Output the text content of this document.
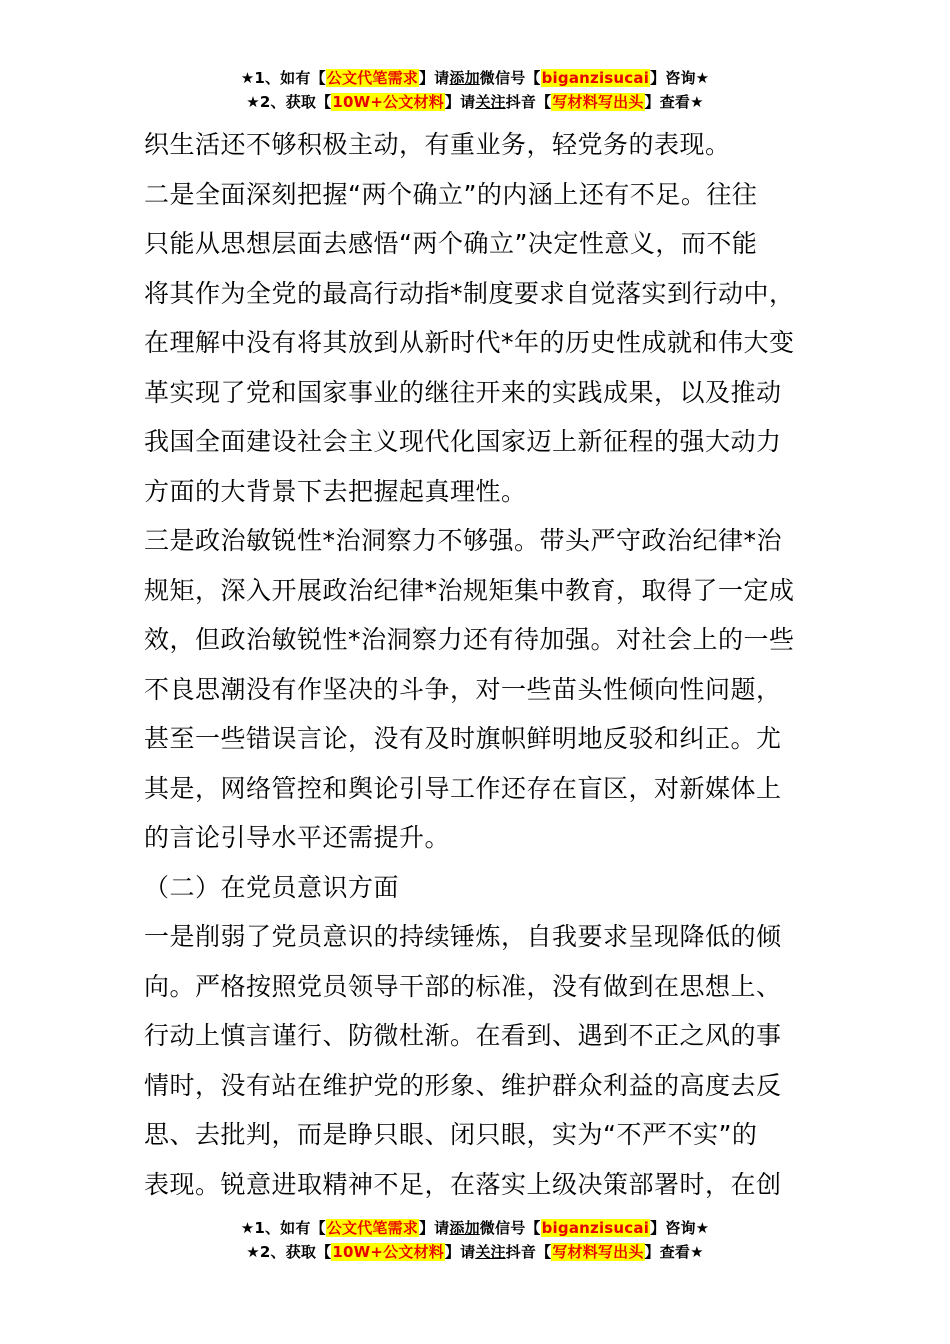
★1、如有【公文代笔需求】请添加微信号【biganzisucai】咨询★
★2、获取【10W+公文材料】请关注抖音【写材料写出头】查看★
织生活还不够积极主动，有重业务，轻党务的表现。
二是全面深刻把握“两个确立”的内涵上还有不足。往往
只能从思想层面去感悟“两个确立”决定性意义，而不能
将其作为全党的最高行动指*制度要求自觉落实到行动中，
在理解中没有将其放到从新时代*年的历史性成就和伟大变
革实现了党和国家事业的继往开来的实践成果，以及推动
我国全面建设社会主义现代化国家迈上新征程的强大动力
方面的大背景下去把握起真理性。
三是政治敏锐性*治洞察力不够强。带头严守政治纪律*治
规矩，深入开展政治纪律*治规矩集中教育，取得了一定成
效，但政治敏锐性*治洞察力还有待加强。对社会上的一些
不良思潮没有作坚决的斗争，对一些苗头性倾向性问题，
甚至一些错误言论，没有及时旗帜鲜明地反驳和纠正。尤
其是，网络管控和舆论引导工作还存在盲区，对新媒体上
的言论引导水平还需提升。
（二）在党员意识方面
一是削弱了党员意识的持续锤炼，自我要求呈现降低的倾
向。严格按照党员领导干部的标准，没有做到在思想上、
行动上慎言谨行、防微杜渐。在看到、遇到不正之风的事
情时，没有站在维护党的形象、维护群众利益的高度去反
思、去批判，而是睁只眼、闭只眼，实为“不严不实”的
表现。锐意进取精神不足，在落实上级决策部署时，在创
★1、如有【公文代笔需求】请添加微信号【biganzisucai】咨询★
★2、获取【10W+公文材料】请关注抖音【写材料写出头】查看★
